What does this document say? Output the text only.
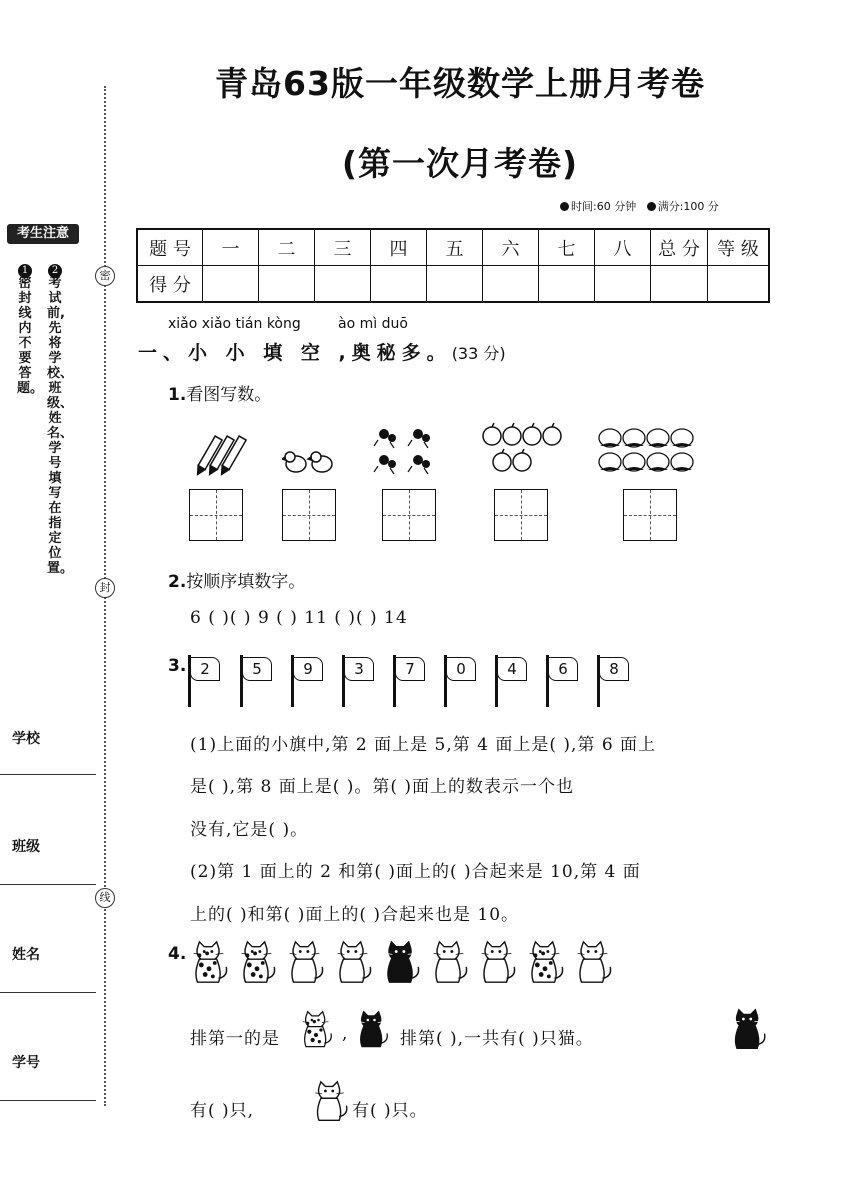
考生注意
1	2
密封线内不要答题。
考试前,先将学校、班级、姓名、学号填写在指定位置。
密
封
线
学校
班级
姓名
学号
青岛63版一年级数学上册月考卷
(第一次月考卷)
时间:60 分钟 满分:100 分
题 号	一	二	三	四	五	六	七	八	总 分	等 级
得 分										
xiǎo xiǎo tián kòng	ào mì duō
一、小 小 填 空 ,奥秘多。(33 分)
1.看图写数。
2.按顺序填数字。
6 ( )( ) 9 ( ) 11 ( )( ) 14
3. 2	5	9	3	7	0	4	6	8
(1)上面的小旗中,第 2 面上是 5,第 4 面上是( ),第 6 面上
是( ),第 8 面上是( )。第( )面上的数表示一个也
没有,它是( )。
(2)第 1 面上的 2 和第( )面上的( )合起来是 10,第 4 面
上的( )和第( )面上的( )合起来也是 10。
4.
排第一的是	,	排第( ),一共有( )只猫。
有( )只,	有( )只。
